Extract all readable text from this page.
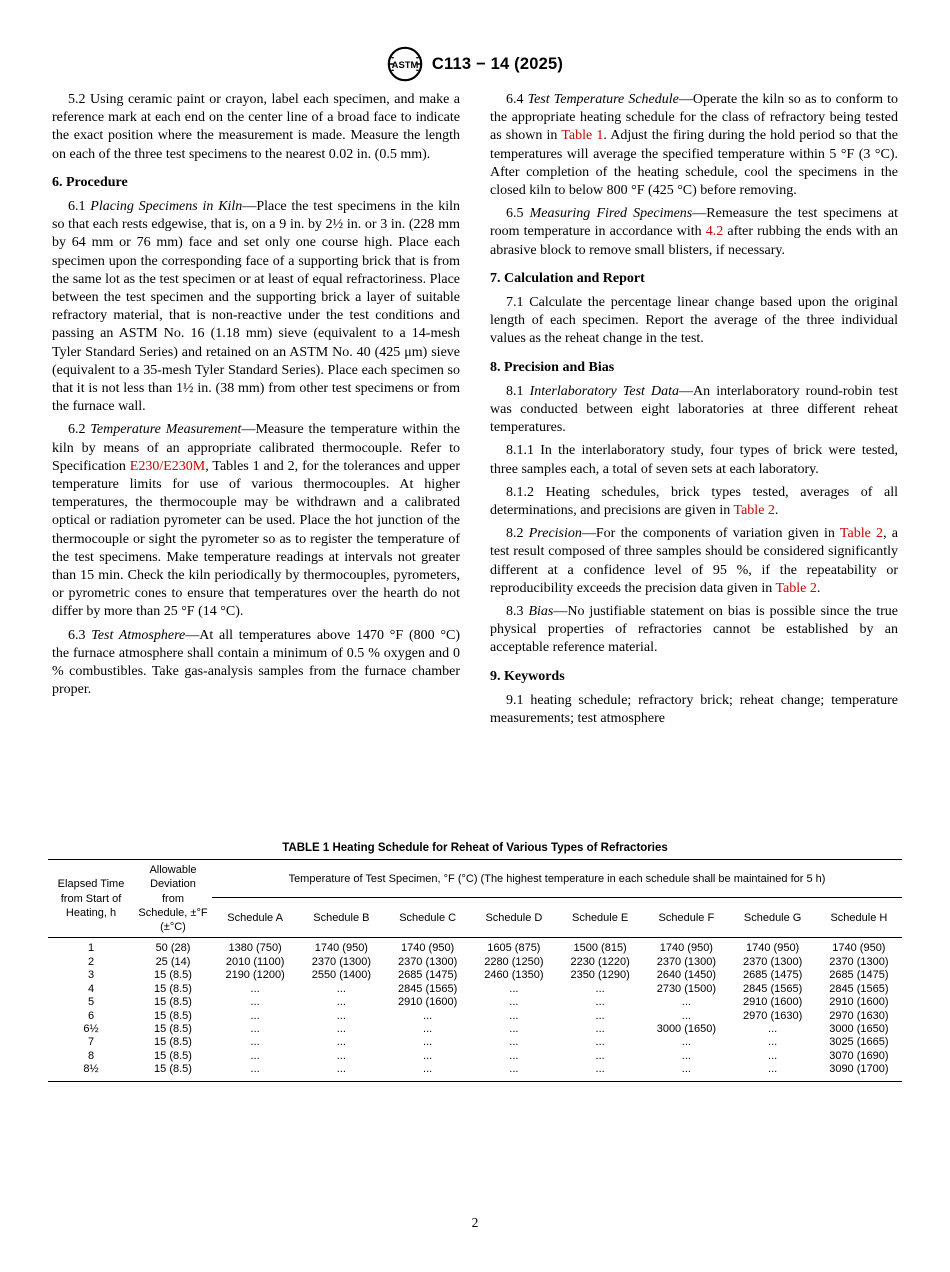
ASTM C113 − 14 (2025)

5.2 Using ceramic paint or crayon, label each specimen, and make a reference mark at each end on the center line of a broad face to indicate the exact position where the measurement is made. Measure the length on each of the three test specimens to the nearest 0.02 in. (0.5 mm).

6. Procedure

6.1 Placing Specimens in Kiln—Place the test specimens in the kiln so that each rests edgewise, that is, on a 9 in. by 2½ in. or 3 in. (228 mm by 64 mm or 76 mm) face and set only one course high. Place each specimen upon the corresponding face of a supporting brick that is from the same lot as the test specimen or at least of equal refractoriness. Place between the test specimen and the supporting brick a layer of suitable refractory material, that is non-reactive under the test conditions and passing an ASTM No. 16 (1.18 mm) sieve (equivalent to a 14-mesh Tyler Standard Series) and retained on an ASTM No. 40 (425 μm) sieve (equivalent to a 35-mesh Tyler Standard Series). Place each specimen so that it is not less than 1½ in. (38 mm) from other test specimens or from the furnace wall.

6.2 Temperature Measurement—Measure the temperature within the kiln by means of an appropriate calibrated thermocouple. Refer to Specification E230/E230M, Tables 1 and 2, for the tolerances and upper temperature limits for use of various thermocouples. At higher temperatures, the thermocouple may be withdrawn and a calibrated optical or radiation pyrometer can be used. Place the hot junction of the thermocouple or sight the pyrometer so as to register the temperature of the test specimens. Make temperature readings at intervals not greater than 15 min. Check the kiln periodically by thermocouples, pyrometers, or pyrometric cones to ensure that temperatures over the hearth do not differ by more than 25 °F (14 °C).

6.3 Test Atmosphere—At all temperatures above 1470 °F (800 °C) the furnace atmosphere shall contain a minimum of 0.5 % oxygen and 0 % combustibles. Take gas-analysis samples from the furnace chamber proper.

6.4 Test Temperature Schedule—Operate the kiln so as to conform to the appropriate heating schedule for the class of refractory being tested as shown in Table 1. Adjust the firing during the hold period so that the temperatures will average the specified temperature within 5 °F (3 °C). After completion of the heating schedule, cool the specimens in the closed kiln to below 800 °F (425 °C) before removing.

6.5 Measuring Fired Specimens—Remeasure the test specimens at room temperature in accordance with 4.2 after rubbing the ends with an abrasive block to remove small blisters, if necessary.

7. Calculation and Report

7.1 Calculate the percentage linear change based upon the original length of each specimen. Report the average of the three individual values as the reheat change in the test.

8. Precision and Bias

8.1 Interlaboratory Test Data—An interlaboratory round-robin test was conducted between eight laboratories at three different reheat temperatures.

8.1.1 In the interlaboratory study, four types of brick were tested, three samples each, a total of seven sets at each laboratory.

8.1.2 Heating schedules, brick types tested, averages of all determinations, and precisions are given in Table 2.

8.2 Precision—For the components of variation given in Table 2, a test result composed of three samples should be considered significantly different at a confidence level of 95 %, if the repeatability or reproducibility exceeds the precision data given in Table 2.

8.3 Bias—No justifiable statement on bias is possible since the true physical properties of refractories cannot be established by an acceptable reference material.

9. Keywords

9.1 heating schedule; refractory brick; reheat change; temperature measurements; test atmosphere

TABLE 1 Heating Schedule for Reheat of Various Types of Refractories
Elapsed Time from Start of Heating, h	Allowable Deviation from Schedule, ±°F (±°C)	Temperature of Test Specimen, °F (°C) (The highest temperature in each schedule shall be maintained for 5 h)							
		Schedule A	Schedule B	Schedule C	Schedule D	Schedule E	Schedule F	Schedule G	Schedule H
1	50 (28)	1380 (750)	1740 (950)	1740 (950)	1605 (875)	1500 (815)	1740 (950)	1740 (950)	1740 (950)
2	25 (14)	2010 (1100)	2370 (1300)	2370 (1300)	2280 (1250)	2230 (1220)	2370 (1300)	2370 (1300)	2370 (1300)
3	15 (8.5)	2190 (1200)	2550 (1400)	2685 (1475)	2460 (1350)	2350 (1290)	2640 (1450)	2685 (1475)	2685 (1475)
4	15 (8.5)	...	...	2845 (1565)	...	...	2730 (1500)	2845 (1565)	2845 (1565)
5	15 (8.5)	...	...	2910 (1600)	...	...	...	2910 (1600)	2910 (1600)
6	15 (8.5)	...	...	...	...	...	...	2970 (1630)	2970 (1630)
6½	15 (8.5)	...	...	...	...	...	3000 (1650)	...	3000 (1650)
7	15 (8.5)	...	...	...	...	...	...	...	3025 (1665)
8	15 (8.5)	...	...	...	...	...	...	...	3070 (1690)
8½	15 (8.5)	...	...	...	...	...	...	...	3090 (1700)
2
